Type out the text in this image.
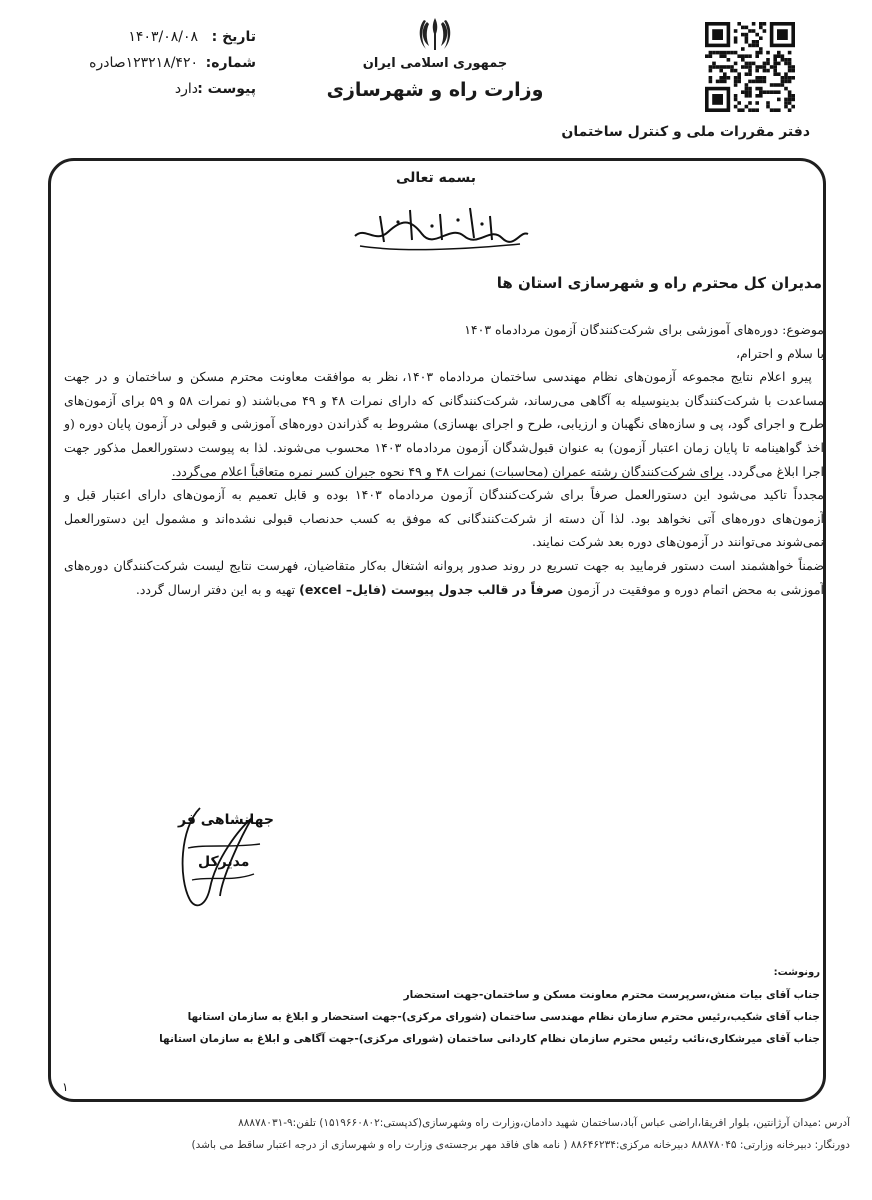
تاریخ :
۱۴۰۳/۰۸/۰۸
شماره:
۱۲۳۲۱۸/۴۲۰صادره
پیوست :
دارد
جمهوری اسلامی ایران
وزارت راه و شهرسازی
دفتر مقررات ملی و کنترل ساختمان
بسمه تعالی
مدیران کل محترم راه و شهرسازی استان ها

موضوع: دوره‌های آموزشی برای شرکت‌کنندگان آزمون مردادماه ۱۴۰۳

با سلام و احترام،

پیرو اعلام نتایج مجموعه آزمون‌های نظام مهندسی ساختمان مردادماه ۱۴۰۳، نظر به موافقت معاونت محترم مسکن و ساختمان و در جهت مساعدت با شرکت‌کنندگان بدینوسیله به آگاهی می‌رساند، شرکت‌کنندگانی که دارای نمرات ۴۸ و ۴۹ می‌باشند (و نمرات ۵۸ و ۵۹ برای آزمون‌های طرح و اجرای گود، پی و سازه‌های نگهبان و ارزیابی، طرح و اجرای بهسازی) مشروط به گذراندن دوره‌های آموزشی و قبولی در آزمون پایان دوره (و اخذ گواهینامه تا پایان زمان اعتبار آزمون) به عنوان قبول‌شدگان آزمون مردادماه ۱۴۰۳ محسوب می‌شوند. لذا به پیوست دستورالعمل مذکور جهت اجرا ابلاغ می‌گردد. برای شرکت‌کنندگان رشته عمران (محاسبات) نمرات ۴۸ و ۴۹ نحوه جبران کسر نمره متعاقباً اعلام می‌گردد.

مجدداً تاکید می‌شود این دستورالعمل صرفاً برای شرکت‌کنندگان آزمون مردادماه ۱۴۰۳ بوده و قابل تعمیم به آزمون‌های دارای اعتبار قبل و آزمون‌های دوره‌های آتی نخواهد بود. لذا آن دسته از شرکت‌کنندگانی که موفق به کسب حدنصاب قبولی نشده‌اند و مشمول این دستورالعمل نمی‌شوند می‌توانند در آزمون‌های دوره بعد شرکت نمایند.

ضمناً خواهشمند است دستور فرمایید به جهت تسریع در روند صدور پروانه اشتغال به‌کار متقاضیان، فهرست نتایج لیست شرکت‌کنندگان دوره‌های آموزشی به محض اتمام دوره و موفقیت در آزمون صرفاً در قالب جدول پیوست (فایل– excel) تهیه و به این دفتر ارسال گردد.

جهانشاهی فر
مدیرکل
رونوشت:
جناب آقای بیات منش،سرپرست محترم معاونت مسکن و ساختمان-جهت استحضار
جناب آقای شکیب،رئیس محترم سازمان نظام مهندسی ساختمان (شورای مرکزی)-جهت استحضار و ابلاغ به سازمان استانها
جناب آقای میرشکاری،نائب رئیس محترم سازمان نظام کاردانی ساختمان (شورای مرکزی)-جهت آگاهی و ابلاغ به سازمان استانها
۱
آدرس :میدان آرژانتین، بلوار افریقا،اراضی عباس آباد،ساختمان شهید دادمان،وزارت راه وشهرسازی(کدپستی:۱۵۱۹۶۶۰۸۰۲) تلفن:۹-۸۸۸۷۸۰۳۱
دورنگار: دبیرخانه وزارتی: ۸۸۸۷۸۰۴۵ دبیرخانه مرکزی:۸۸۶۴۶۲۳۴ ( نامه های فاقد مهر برجسته‌ی وزارت راه و شهرسازی از درجه اعتبار ساقط می باشد)
